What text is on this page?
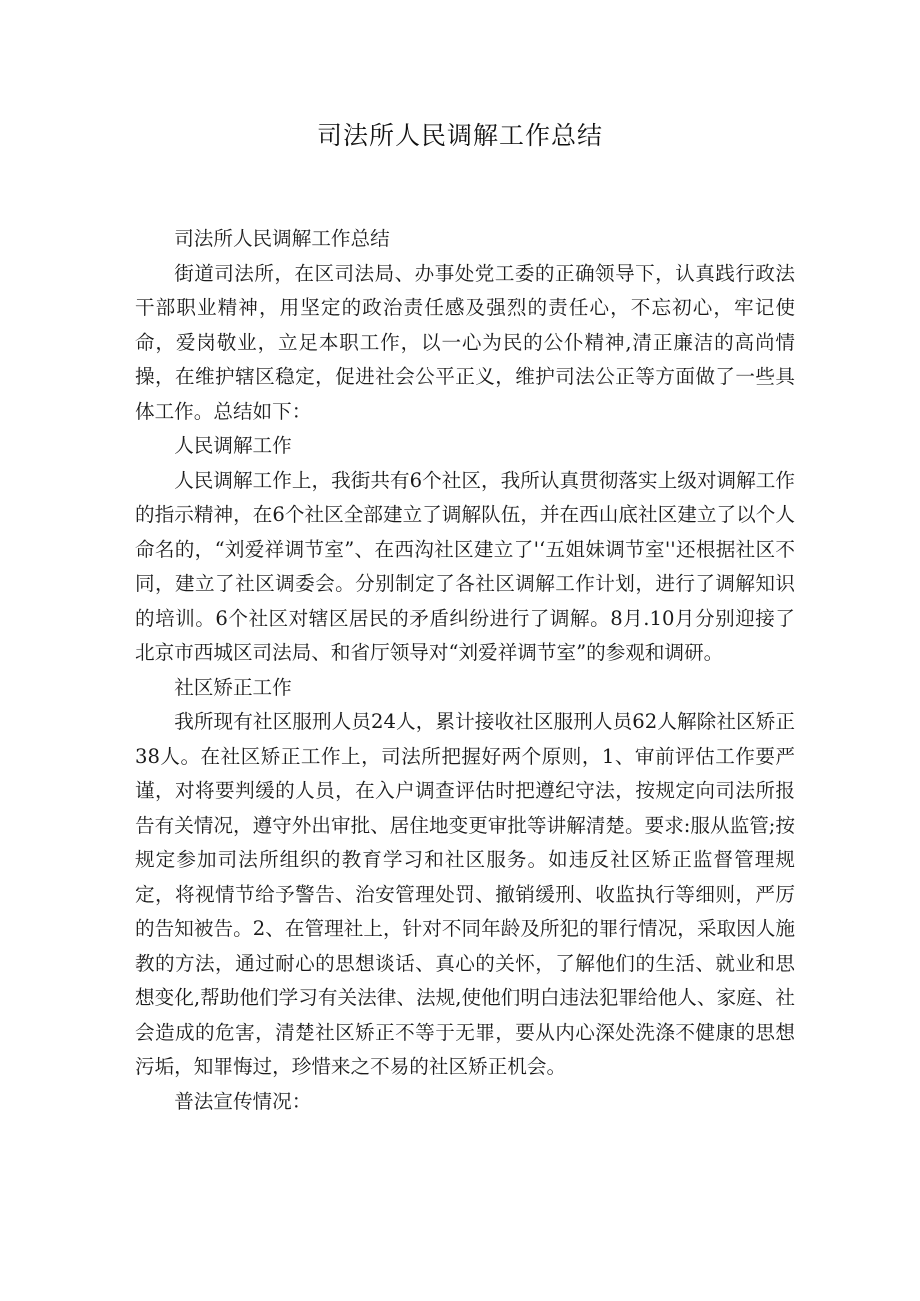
司法所人民调解工作总结

司法所人民调解工作总结

街道司法所，在区司法局、办事处党工委的正确领导下，认真践行政法干部职业精神，用坚定的政治责任感及强烈的责任心，不忘初心，牢记使命，爱岗敬业，立足本职工作，以一心为民的公仆精神,清正廉洁的高尚情操，在维护辖区稳定，促进社会公平正义，维护司法公正等方面做了一些具体工作。总结如下：

人民调解工作

人民调解工作上，我街共有6个社区，我所认真贯彻落实上级对调解工作的指示精神，在6个社区全部建立了调解队伍，并在西山底社区建立了以个人命名的，“刘爱祥调节室”、在西沟社区建立了'‘五姐妹调节室''还根据社区不同，建立了社区调委会。分别制定了各社区调解工作计划，进行了调解知识的培训。6个社区对辖区居民的矛盾纠纷进行了调解。8月.10月分别迎接了北京市西城区司法局、和省厅领导对“刘爱祥调节室”的参观和调研。

社区矫正工作

我所现有社区服刑人员24人，累计接收社区服刑人员62人解除社区矫正38人。在社区矫正工作上，司法所把握好两个原则，1、审前评估工作要严谨，对将要判缓的人员，在入户调查评估时把遵纪守法，按规定向司法所报告有关情况，遵守外出审批、居住地变更审批等讲解清楚。要求:服从监管;按规定参加司法所组织的教育学习和社区服务。如违反社区矫正监督管理规定，将视情节给予警告、治安管理处罚、撤销缓刑、收监执行等细则，严厉的告知被告。2、在管理社上，针对不同年龄及所犯的罪行情况，采取因人施教的方法，通过耐心的思想谈话、真心的关怀，了解他们的生活、就业和思想变化,帮助他们学习有关法律、法规,使他们明白违法犯罪给他人、家庭、社会造成的危害，清楚社区矫正不等于无罪，要从内心深处洗涤不健康的思想污垢，知罪悔过，珍惜来之不易的社区矫正机会。

普法宣传情况：
